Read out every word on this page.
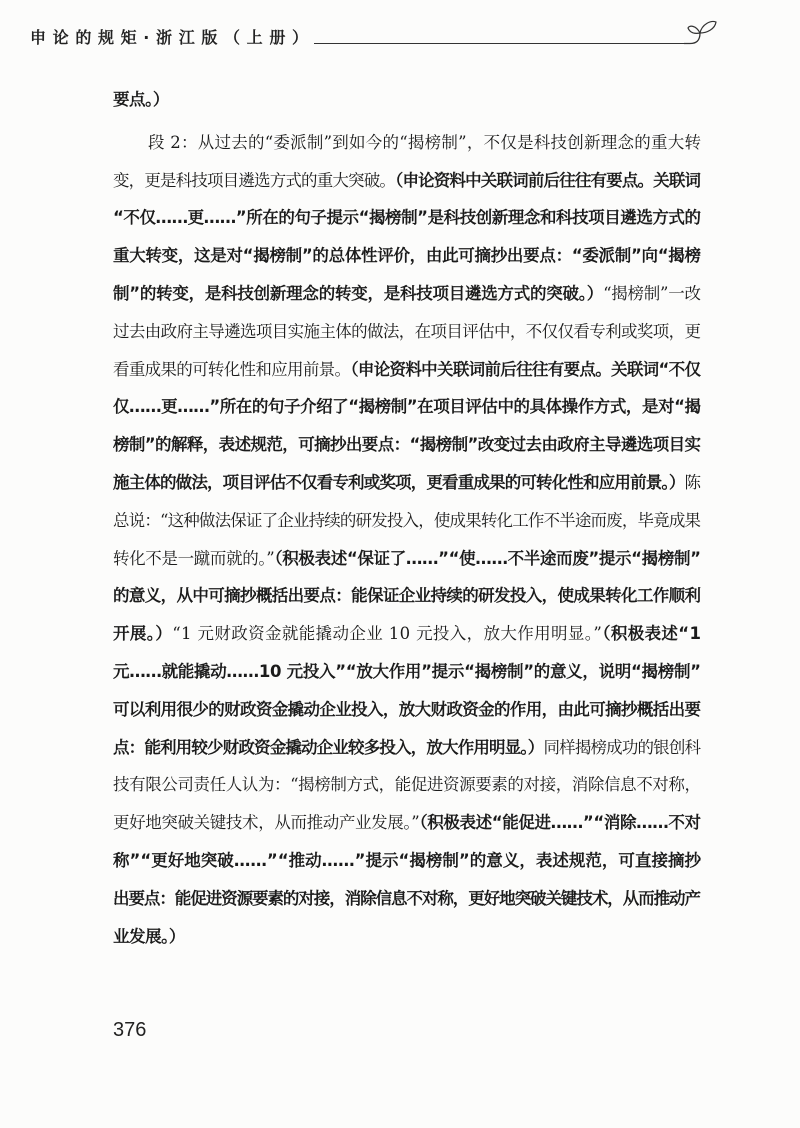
申论的规矩·浙江版（上册）
要点。）
段 2：从过去的“委派制”到如今的“揭榜制”，不仅是科技创新理念的重大转
变，更是科技项目遴选方式的重大突破。（申论资料中关联词前后往往有要点。关联词
“不仅……更……”所在的句子提示“揭榜制”是科技创新理念和科技项目遴选方式的
重大转变，这是对“揭榜制”的总体性评价，由此可摘抄出要点：“委派制”向“揭榜
制”的转变，是科技创新理念的转变，是科技项目遴选方式的突破。）“揭榜制”一改
过去由政府主导遴选项目实施主体的做法，在项目评估中，不仅仅看专利或奖项，更
看重成果的可转化性和应用前景。（申论资料中关联词前后往往有要点。关联词“不仅
仅……更……”所在的句子介绍了“揭榜制”在项目评估中的具体操作方式，是对“揭
榜制”的解释，表述规范，可摘抄出要点：“揭榜制”改变过去由政府主导遴选项目实
施主体的做法，项目评估不仅看专利或奖项，更看重成果的可转化性和应用前景。）陈
总说：“这种做法保证了企业持续的研发投入，使成果转化工作不半途而废，毕竟成果
转化不是一蹴而就的。”（积极表述“保证了……”“使……不半途而废”提示“揭榜制”
的意义，从中可摘抄概括出要点：能保证企业持续的研发投入，使成果转化工作顺利
开展。）“1 元财政资金就能撬动企业 10 元投入，放大作用明显。”（积极表述“1
元……就能撬动……10 元投入”“放大作用”提示“揭榜制”的意义，说明“揭榜制”
可以利用很少的财政资金撬动企业投入，放大财政资金的作用，由此可摘抄概括出要
点：能利用较少财政资金撬动企业较多投入，放大作用明显。）同样揭榜成功的银创科
技有限公司责任人认为：“揭榜制方式，能促进资源要素的对接，消除信息不对称，
更好地突破关键技术，从而推动产业发展。”（积极表述“能促进……”“消除……不对
称”“更好地突破……”“推动……”提示“揭榜制”的意义，表述规范，可直接摘抄
出要点：能促进资源要素的对接，消除信息不对称，更好地突破关键技术，从而推动产
业发展。）
376
